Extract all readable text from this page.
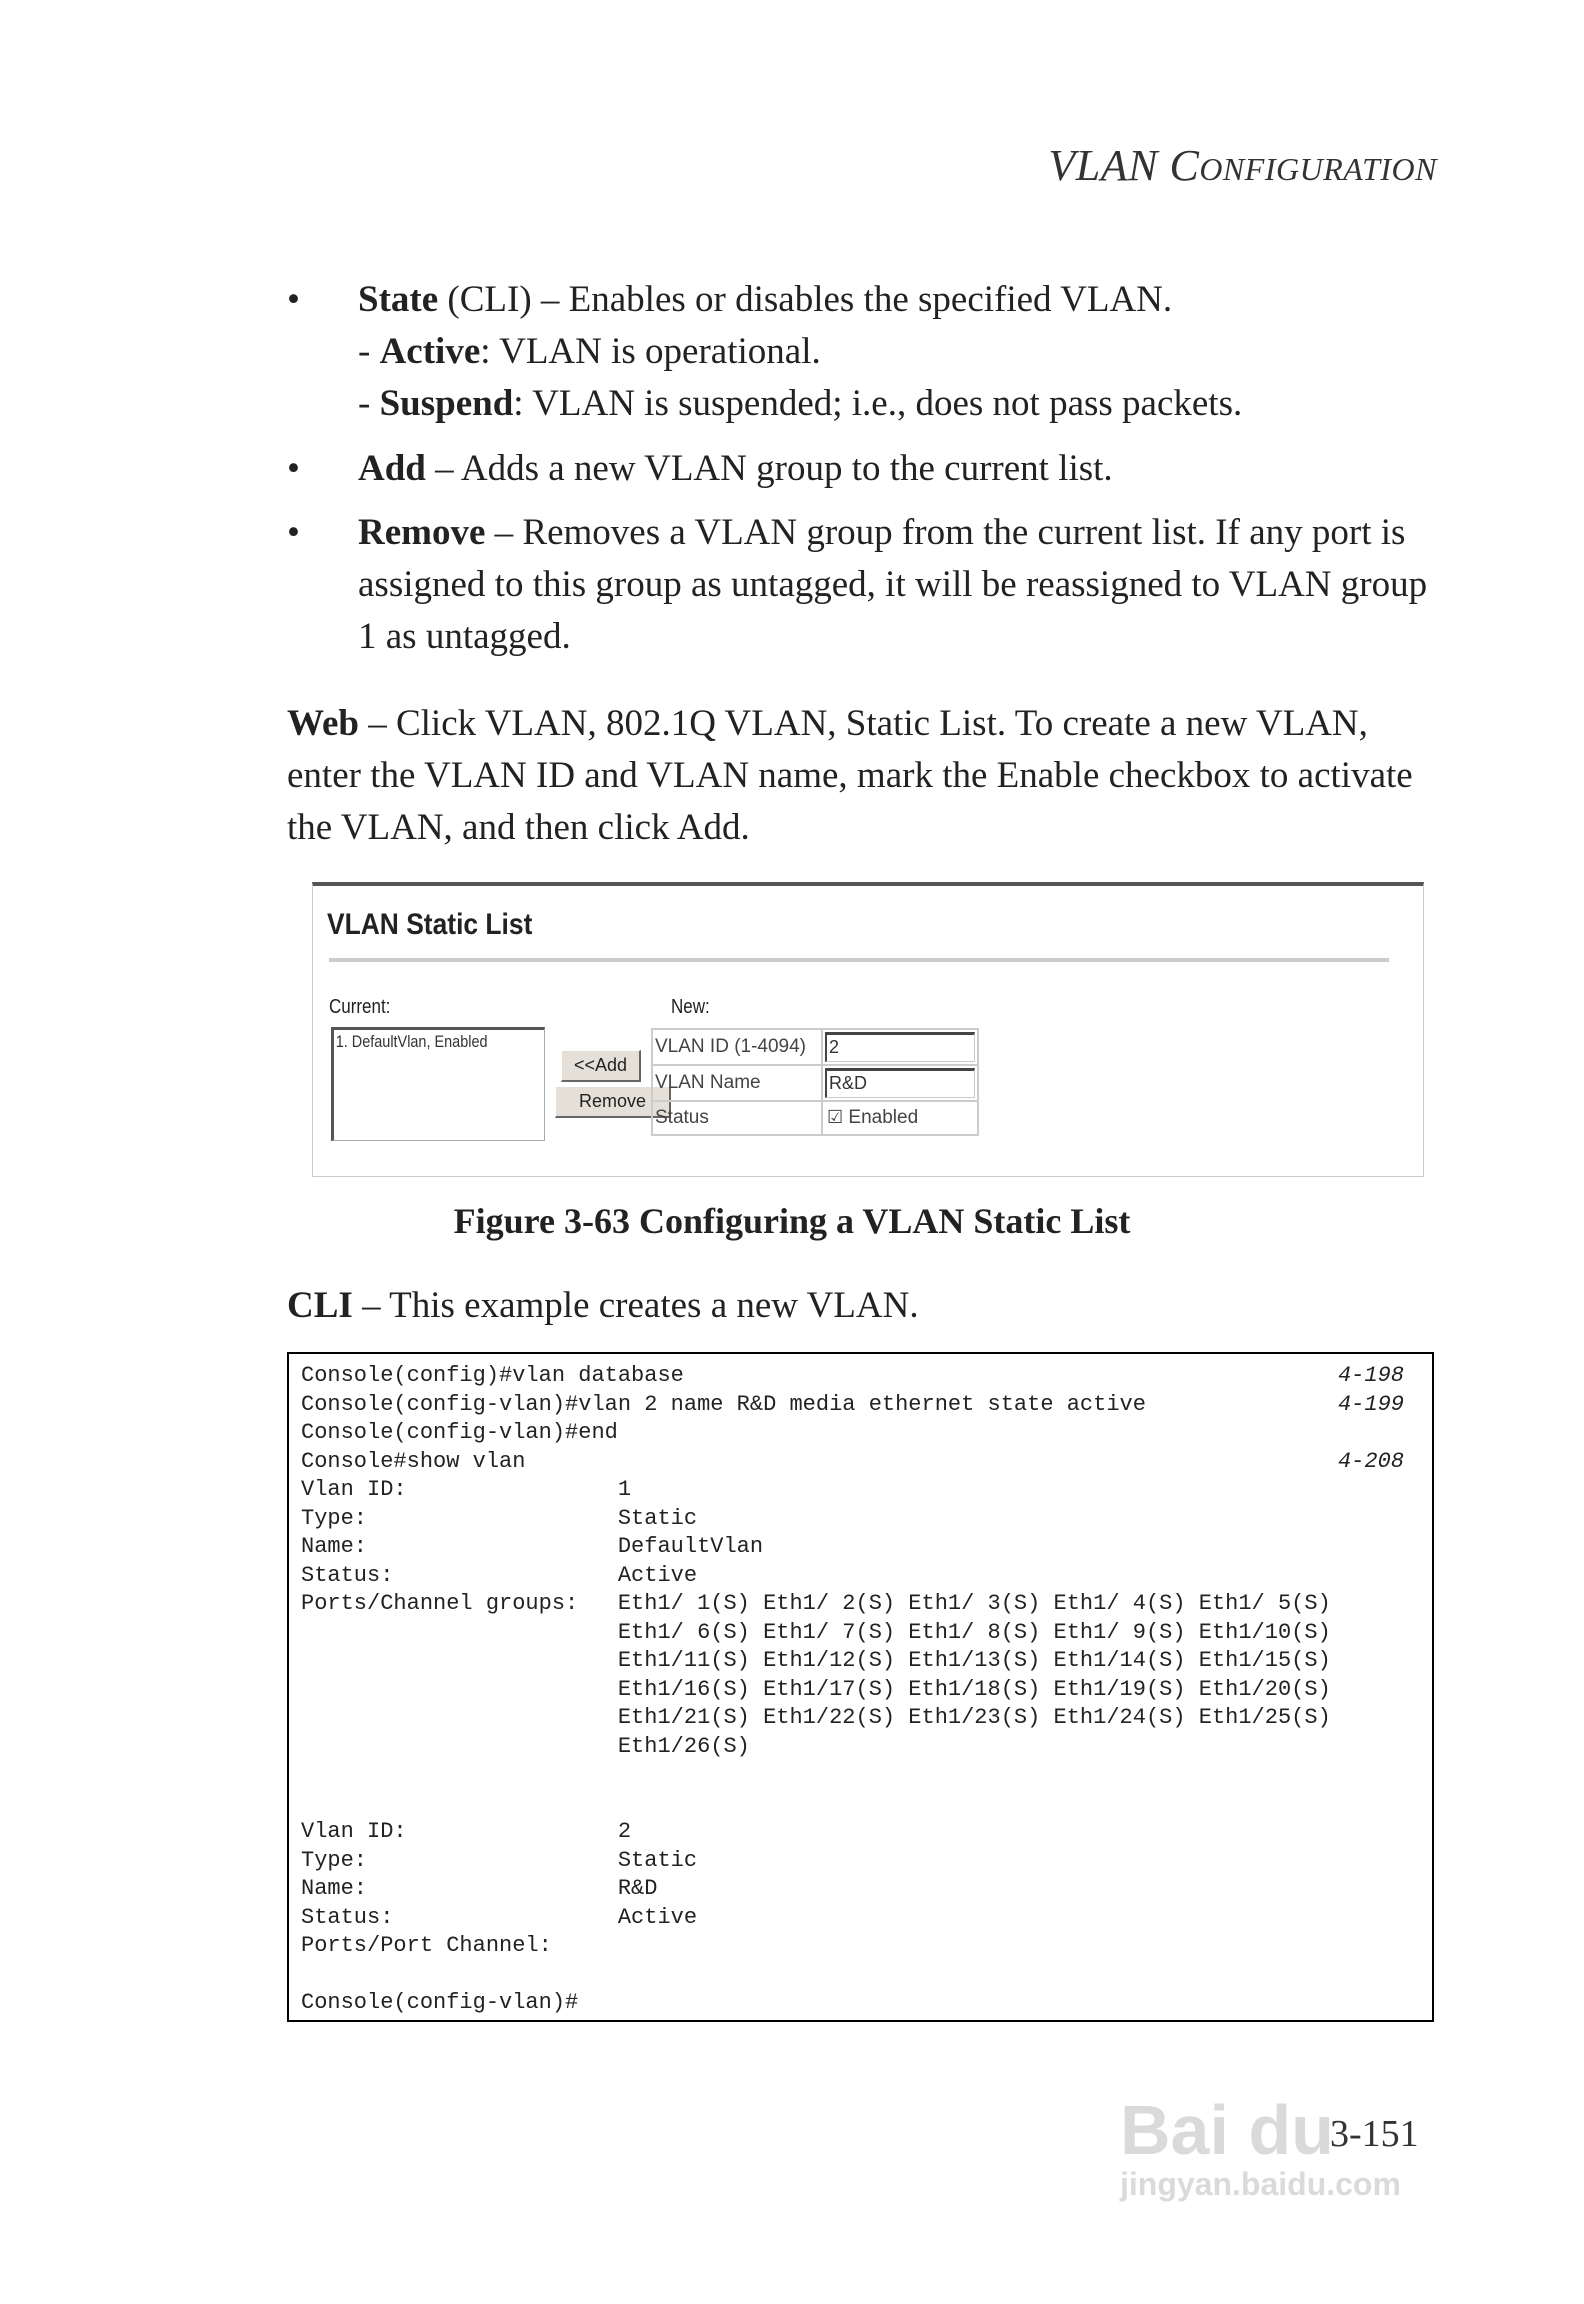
VLAN CONFIGURATION
• State (CLI) – Enables or disables the specified VLAN.
- Active: VLAN is operational.
- Suspend: VLAN is suspended; i.e., does not pass packets.
• Add – Adds a new VLAN group to the current list.
• Remove – Removes a VLAN group from the current list. If any port is assigned to this group as untagged, it will be reassigned to VLAN group 1 as untagged.
Web – Click VLAN, 802.1Q VLAN, Static List. To create a new VLAN, enter the VLAN ID and VLAN name, mark the Enable checkbox to activate the VLAN, and then click Add.
VLAN Static List
Current:	New:
1. DefaultVlan, Enabled
<<Add
Remove
VLAN ID (1-4094)	2

VLAN Name	R&D

Status	☑ Enabled
Figure 3-63 Configuring a VLAN Static List
CLI – This example creates a new VLAN.
Console(config)#vlan database	4-198
Console(config-vlan)#vlan 2 name R&D media ethernet state active	4-199
Console(config-vlan)#end
Console#show vlan	4-208
Vlan ID:                1
Type:                   Static
Name:                   DefaultVlan
Status:                 Active
Ports/Channel groups:   Eth1/ 1(S) Eth1/ 2(S) Eth1/ 3(S) Eth1/ 4(S) Eth1/ 5(S)
Eth1/ 6(S) Eth1/ 7(S) Eth1/ 8(S) Eth1/ 9(S) Eth1/10(S)
Eth1/11(S) Eth1/12(S) Eth1/13(S) Eth1/14(S) Eth1/15(S)
Eth1/16(S) Eth1/17(S) Eth1/18(S) Eth1/19(S) Eth1/20(S)
Eth1/21(S) Eth1/22(S) Eth1/23(S) Eth1/24(S) Eth1/25(S)
Eth1/26(S)
Vlan ID:                2
Type:                   Static
Name:                   R&D
Status:                 Active
Ports/Port Channel:
Console(config-vlan)#
3-151
Bai du
jingyan.baidu.com
